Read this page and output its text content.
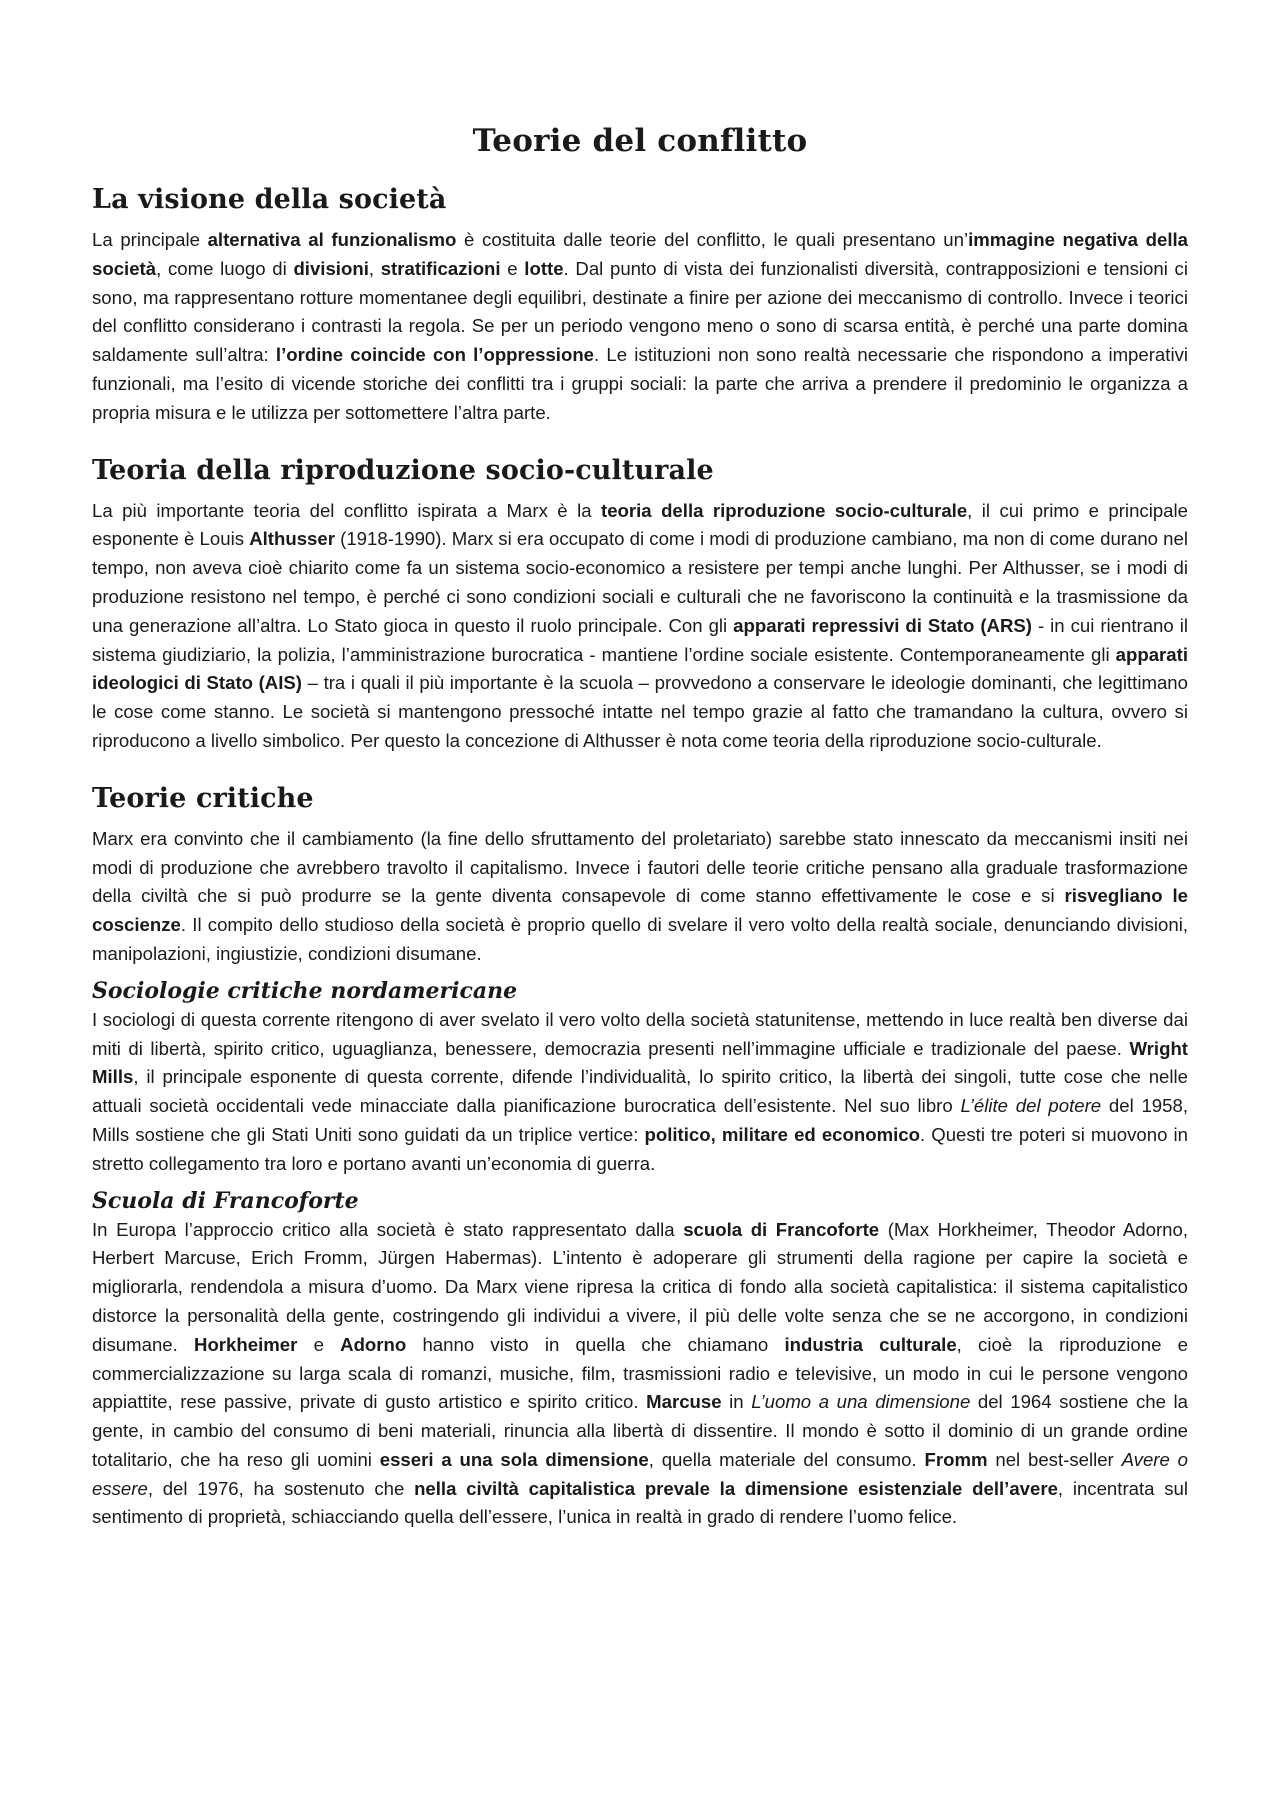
Teorie del conflitto
La visione della società

La principale alternativa al funzionalismo è costituita dalle teorie del conflitto, le quali presentano un’immagine negativa della società, come luogo di divisioni, stratificazioni e lotte. Dal punto di vista dei funzionalisti diversità, contrapposizioni e tensioni ci sono, ma rappresentano rotture momentanee degli equilibri, destinate a finire per azione dei meccanismo di controllo. Invece i teorici del conflitto considerano i contrasti la regola. Se per un periodo vengono meno o sono di scarsa entità, è perché una parte domina saldamente sull’altra: l’ordine coincide con l’oppressione. Le istituzioni non sono realtà necessarie che rispondono a imperativi funzionali, ma l’esito di vicende storiche dei conflitti tra i gruppi sociali: la parte che arriva a prendere il predominio le organizza a propria misura e le utilizza per sottomettere l’altra parte.

Teoria della riproduzione socio-culturale

La più importante teoria del conflitto ispirata a Marx è la teoria della riproduzione socio-culturale, il cui primo e principale esponente è Louis Althusser (1918-1990). Marx si era occupato di come i modi di produzione cambiano, ma non di come durano nel tempo, non aveva cioè chiarito come fa un sistema socio-economico a resistere per tempi anche lunghi. Per Althusser, se i modi di produzione resistono nel tempo, è perché ci sono condizioni sociali e culturali che ne favoriscono la continuità e la trasmissione da una generazione all’altra. Lo Stato gioca in questo il ruolo principale. Con gli apparati repressivi di Stato (ARS) - in cui rientrano il sistema giudiziario, la polizia, l’amministrazione burocratica - mantiene l’ordine sociale esistente. Contemporaneamente gli apparati ideologici di Stato (AIS) – tra i quali il più importante è la scuola – provvedono a conservare le ideologie dominanti, che legittimano le cose come stanno. Le società si mantengono pressoché intatte nel tempo grazie al fatto che tramandano la cultura, ovvero si riproducono a livello simbolico. Per questo la concezione di Althusser è nota come teoria della riproduzione socio-culturale.

Teorie critiche

Marx era convinto che il cambiamento (la fine dello sfruttamento del proletariato) sarebbe stato innescato da meccanismi insiti nei modi di produzione che avrebbero travolto il capitalismo. Invece i fautori delle teorie critiche pensano alla graduale trasformazione della civiltà che si può produrre se la gente diventa consapevole di come stanno effettivamente le cose e si risvegliano le coscienze. Il compito dello studioso della società è proprio quello di svelare il vero volto della realtà sociale, denunciando divisioni, manipolazioni, ingiustizie, condizioni disumane.

Sociologie critiche nordamericane

I sociologi di questa corrente ritengono di aver svelato il vero volto della società statunitense, mettendo in luce realtà ben diverse dai miti di libertà, spirito critico, uguaglianza, benessere, democrazia presenti nell’immagine ufficiale e tradizionale del paese. Wright Mills, il principale esponente di questa corrente, difende l’individualità, lo spirito critico, la libertà dei singoli, tutte cose che nelle attuali società occidentali vede minacciate dalla pianificazione burocratica dell’esistente. Nel suo libro L’élite del potere del 1958, Mills sostiene che gli Stati Uniti sono guidati da un triplice vertice: politico, militare ed economico. Questi tre poteri si muovono in stretto collegamento tra loro e portano avanti un’economia di guerra.

Scuola di Francoforte

In Europa l’approccio critico alla società è stato rappresentato dalla scuola di Francoforte (Max Horkheimer, Theodor Adorno, Herbert Marcuse, Erich Fromm, Jürgen Habermas). L’intento è adoperare gli strumenti della ragione per capire la società e migliorarla, rendendola a misura d’uomo. Da Marx viene ripresa la critica di fondo alla società capitalistica: il sistema capitalistico distorce la personalità della gente, costringendo gli individui a vivere, il più delle volte senza che se ne accorgono, in condizioni disumane. Horkheimer e Adorno hanno visto in quella che chiamano industria culturale, cioè la riproduzione e commercializzazione su larga scala di romanzi, musiche, film, trasmissioni radio e televisive, un modo in cui le persone vengono appiattite, rese passive, private di gusto artistico e spirito critico. Marcuse in L’uomo a una dimensione del 1964 sostiene che la gente, in cambio del consumo di beni materiali, rinuncia alla libertà di dissentire. Il mondo è sotto il dominio di un grande ordine totalitario, che ha reso gli uomini esseri a una sola dimensione, quella materiale del consumo. Fromm nel best-seller Avere o essere, del 1976, ha sostenuto che nella civiltà capitalistica prevale la dimensione esistenziale dell’avere, incentrata sul sentimento di proprietà, schiacciando quella dell’essere, l’unica in realtà in grado di rendere l’uomo felice.
